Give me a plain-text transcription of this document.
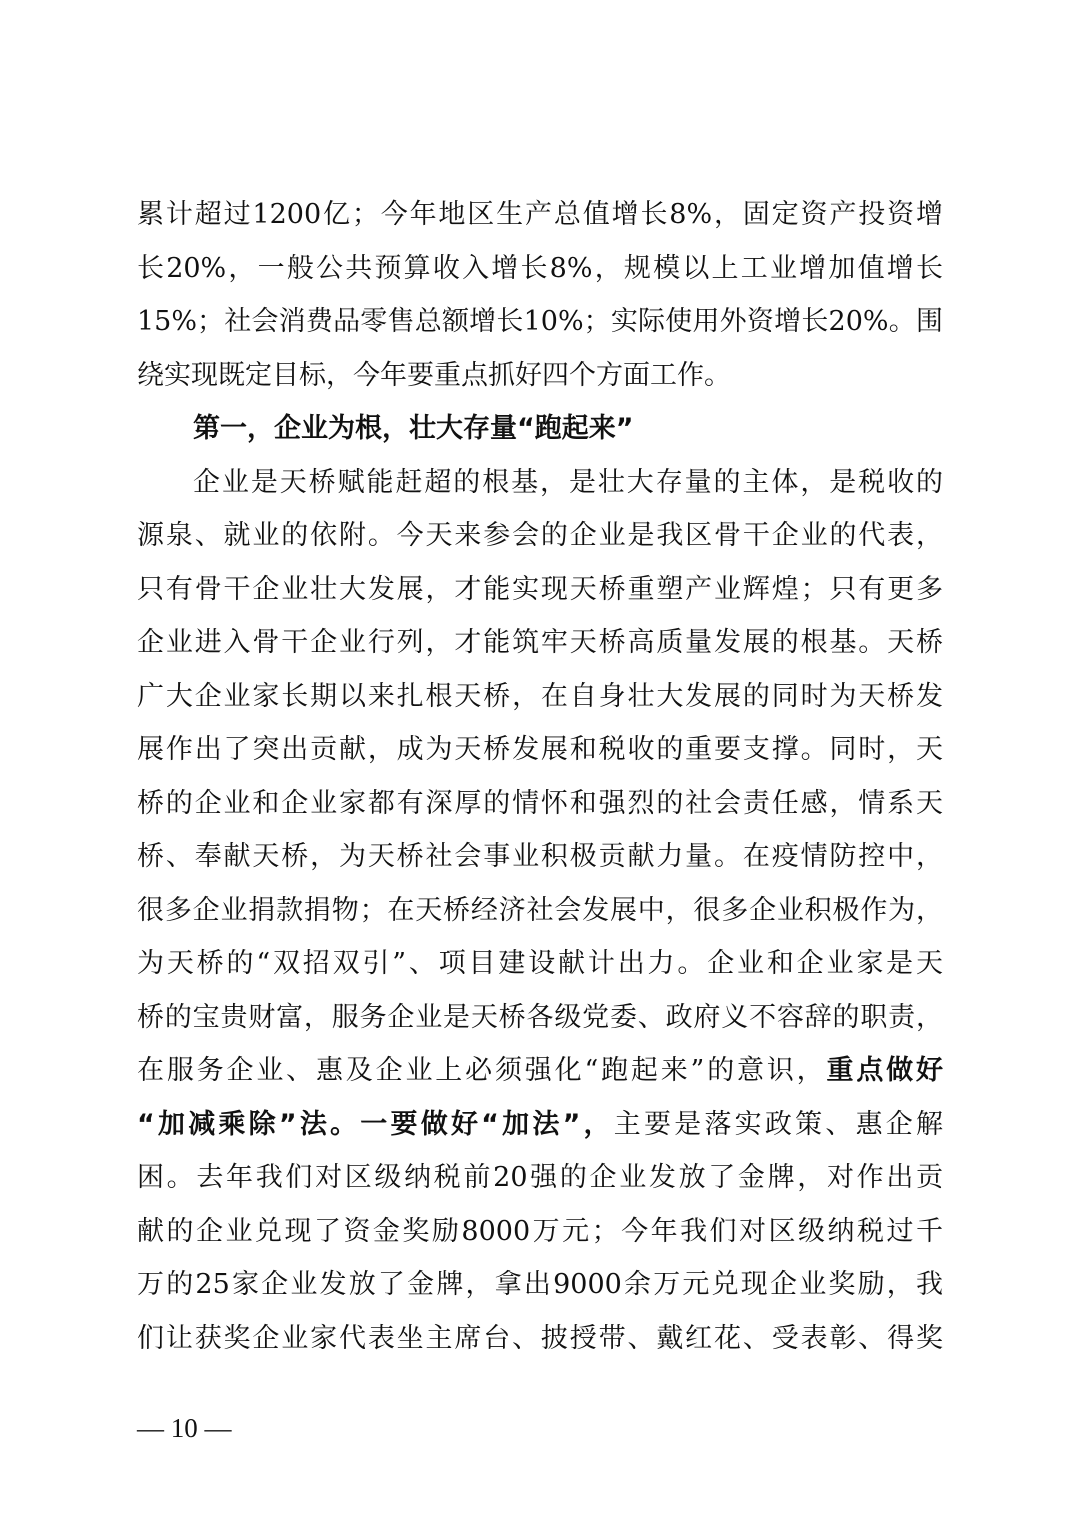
累计超过1200亿；今年地区生产总值增长8%，固定资产投资增
长20%，一般公共预算收入增长8%，规模以上工业增加值增长
15%；社会消费品零售总额增长10%；实际使用外资增长20%。围
绕实现既定目标，今年要重点抓好四个方面工作。
第一，企业为根，壮大存量“跑起来”
企业是天桥赋能赶超的根基，是壮大存量的主体，是税收的
源泉、就业的依附。今天来参会的企业是我区骨干企业的代表，
只有骨干企业壮大发展，才能实现天桥重塑产业辉煌；只有更多
企业进入骨干企业行列，才能筑牢天桥高质量发展的根基。天桥
广大企业家长期以来扎根天桥，在自身壮大发展的同时为天桥发
展作出了突出贡献，成为天桥发展和税收的重要支撑。同时，天
桥的企业和企业家都有深厚的情怀和强烈的社会责任感，情系天
桥、奉献天桥，为天桥社会事业积极贡献力量。在疫情防控中，
很多企业捐款捐物；在天桥经济社会发展中，很多企业积极作为，
为天桥的“双招双引”、项目建设献计出力。企业和企业家是天
桥的宝贵财富，服务企业是天桥各级党委、政府义不容辞的职责，
在服务企业、惠及企业上必须强化“跑起来”的意识，重点做好
“加减乘除”法。一要做好“加法”，主要是落实政策、惠企解
困。去年我们对区级纳税前20强的企业发放了金牌，对作出贡
献的企业兑现了资金奖励8000万元；今年我们对区级纳税过千
万的25家企业发放了金牌，拿出9000余万元兑现企业奖励，我
们让获奖企业家代表坐主席台、披授带、戴红花、受表彰、得奖
— 10 —
